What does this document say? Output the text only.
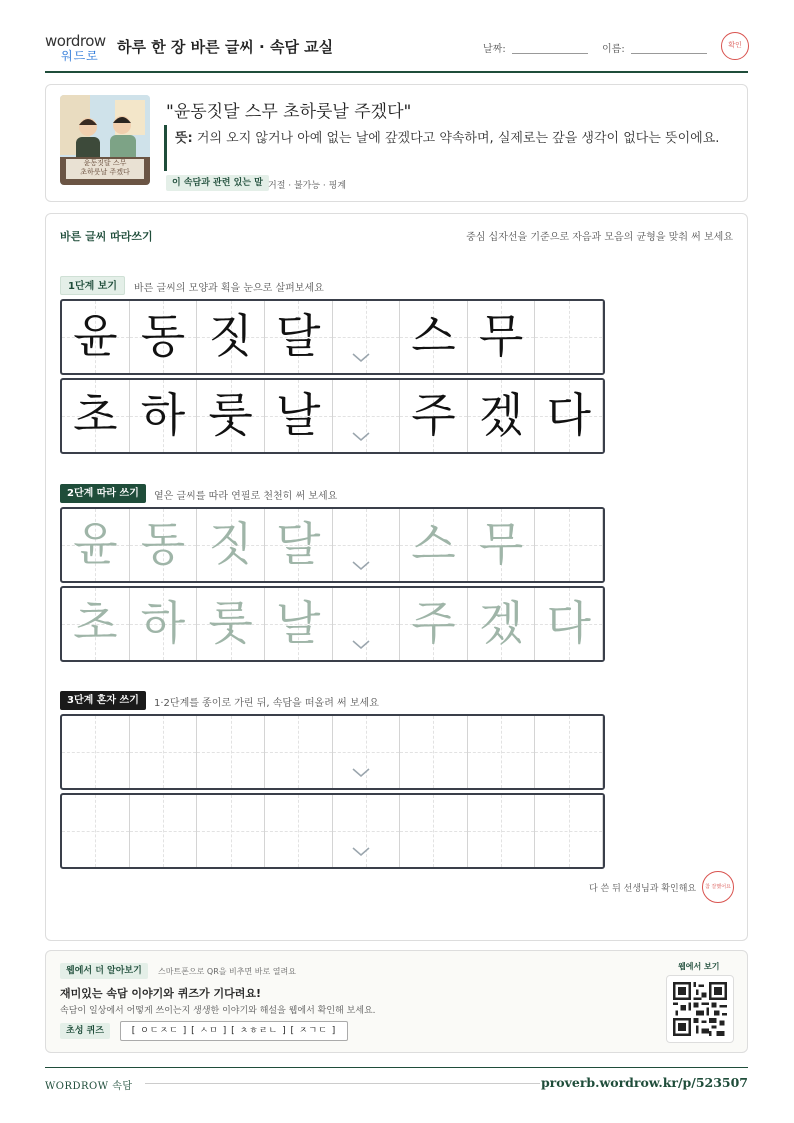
wordrow
워드로 하루 한 장 바른 글씨 · 속담 교실	날짜:	이름:	확인
윤동짓달 스무
초하룻날 주겠다
"윤동짓달 스무 초하룻날 주겠다"
뜻: 거의 오지 않거나 아예 없는 날에 갚겠다고 약속하며, 실제로는 갚을 생각이 없다는 뜻이에요.
이 속담과 관련 있는 말 거절 · 불가능 · 핑계
바른 글씨 따라쓰기	중심 십자선을 기준으로 자음과 모음의 균형을 맞춰 써 보세요
1단계 보기	바른 글씨의 모양과 획을 눈으로 살펴보세요
윤 동 짓 달 스 무
초 하 룻 날 주 겠 다
2단계 따라 쓰기	옅은 글씨를 따라 연필로 천천히 써 보세요
윤 동 짓 달 스 무
초 하 룻 날 주 겠 다
3단계 혼자 쓰기	1·2단계를 종이로 가린 뒤, 속담을 떠올려 써 보세요
다 쓴 뒤 선생님과 확인해요	참 잘했어요
웹에서 더 알아보기	스마트폰으로 QR을 비추면 바로 열려요
재미있는 속담 이야기와 퀴즈가 기다려요!
속담이 일상에서 어떻게 쓰이는지 생생한 이야기와 해설을 웹에서 확인해 보세요.
초성 퀴즈	[ ㅇㄷㅈㄷ ] [ ㅅㅁ ] [ ㅊㅎㄹㄴ ] [ ㅈㄱㄷ ]
웹에서 보기
WORDROW 속담	proverb.wordrow.kr/p/523507
